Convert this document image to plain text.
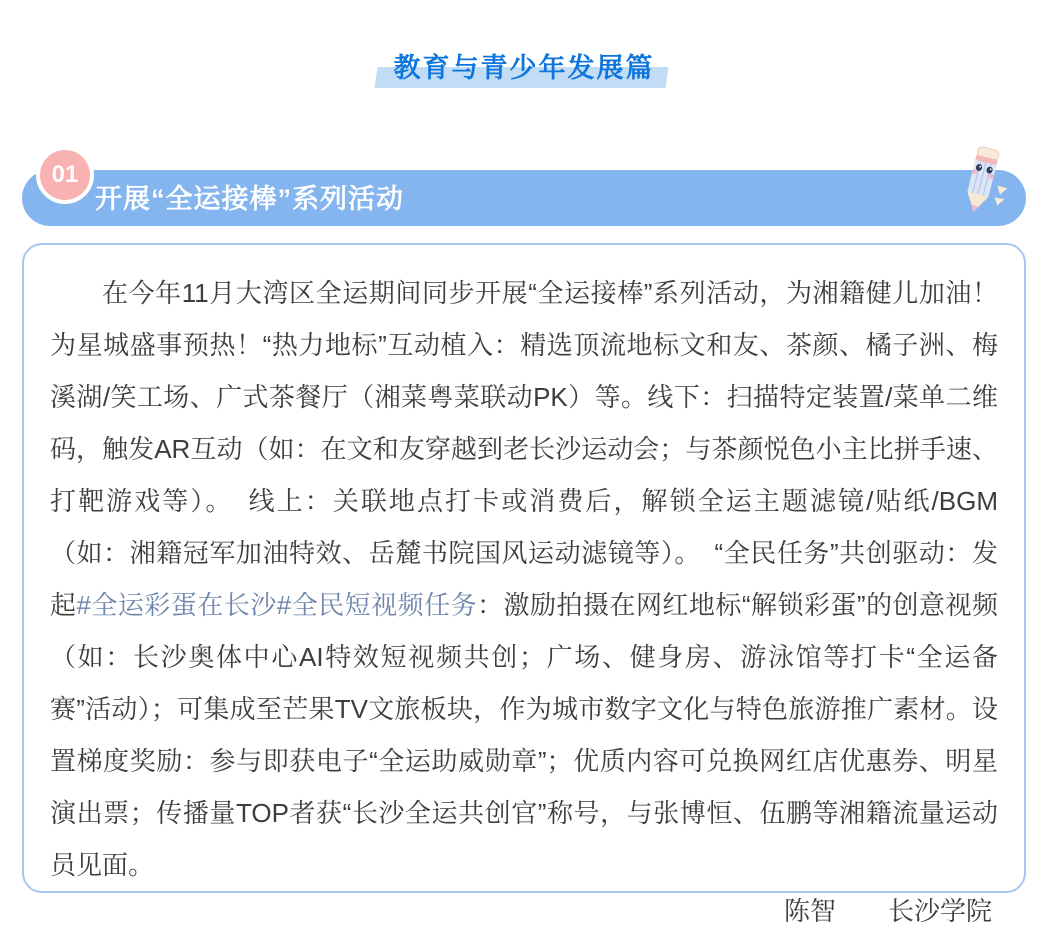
教育与青少年发展篇
01
开展“全运接棒”系列活动

在今年11月大湾区全运期间同步开展“全运接棒”系列活动，为湘籍健儿加油！为星城盛事预热！“热力地标”互动植入：精选顶流地标文和友、茶颜、橘子洲、梅溪湖/笑工场、广式茶餐厅（湘菜粤菜联动PK）等。线下：扫描特定装置/菜单二维码，触发AR互动（如：在文和友穿越到老长沙运动会；与茶颜悦色小主比拼手速、打靶游戏等）。　线上：关联地点打卡或消费后，解锁全运主题滤镜/贴纸/BGM（如：湘籍冠军加油特效、岳麓书院国风运动滤镜等）。　“全民任务”共创驱动：发起#全运彩蛋在长沙#全民短视频任务：激励拍摄在网红地标“解锁彩蛋”的创意视频（如：长沙奥体中心AI特效短视频共创；广场、健身房、游泳馆等打卡“全运备赛”活动）；可集成至芒果TV文旅板块，作为城市数字文化与特色旅游推广素材。设置梯度奖励：参与即获电子“全运助威勋章”；优质内容可兑换网红店优惠券、明星演出票；传播量TOP者获“长沙全运共创官”称号，与张博恒、伍鹏等湘籍流量运动员见面。

陈智 长沙学院
